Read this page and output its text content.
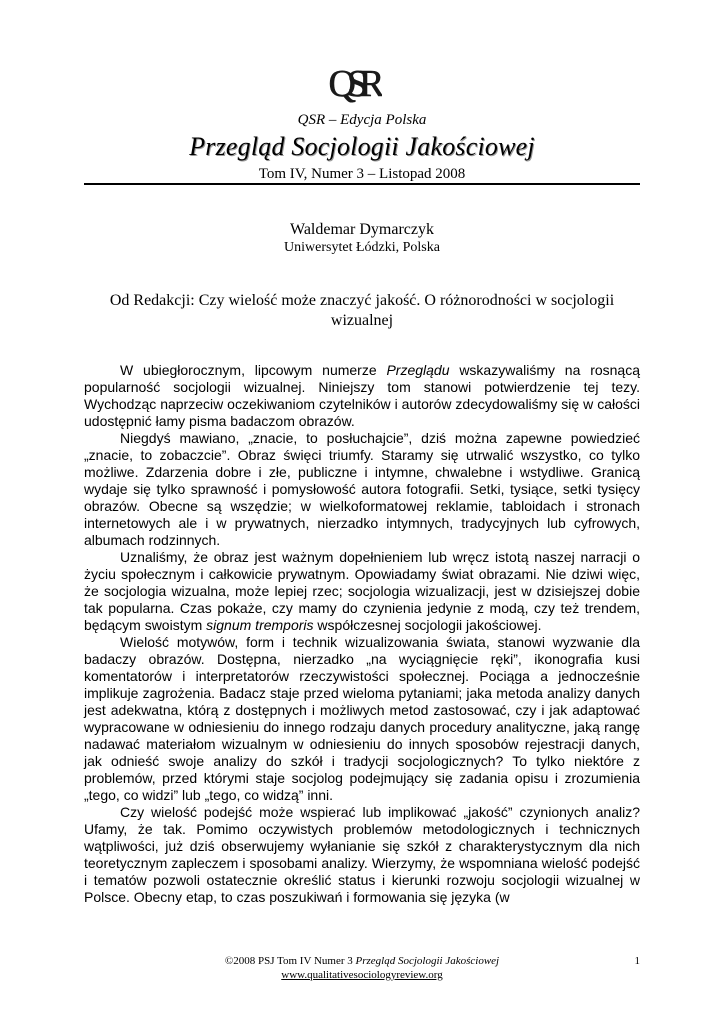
QSR
QSR – Edycja Polska
Przegląd Socjologii Jakościowej
Tom IV, Numer 3 – Listopad 2008
Waldemar Dymarczyk
Uniwersytet Łódzki, Polska
Od Redakcji: Czy wielość może znaczyć jakość. O różnorodności w socjologii wizualnej

W ubiegłorocznym, lipcowym numerze Przeglądu wskazywaliśmy na rosnącą popularność socjologii wizualnej. Niniejszy tom stanowi potwierdzenie tej tezy. Wychodząc naprzeciw oczekiwaniom czytelników i autorów zdecydowaliśmy się w całości udostępnić łamy pisma badaczom obrazów.

Niegdyś mawiano, „znacie, to posłuchajcie”, dziś można zapewne powiedzieć „znacie, to zobaczcie”. Obraz święci triumfy. Staramy się utrwalić wszystko, co tylko możliwe. Zdarzenia dobre i złe, publiczne i intymne, chwalebne i wstydliwe. Granicą wydaje się tylko sprawność i pomysłowość autora fotografii. Setki, tysiące, setki tysięcy obrazów. Obecne są wszędzie; w wielkoformatowej reklamie, tabloidach i stronach internetowych ale i w prywatnych, nierzadko intymnych, tradycyjnych lub cyfrowych, albumach rodzinnych.

Uznaliśmy, że obraz jest ważnym dopełnieniem lub wręcz istotą naszej narracji o życiu społecznym i całkowicie prywatnym. Opowiadamy świat obrazami. Nie dziwi więc, że socjologia wizualna, może lepiej rzec; socjologia wizualizacji, jest w dzisiejszej dobie tak popularna. Czas pokaże, czy mamy do czynienia jedynie z modą, czy też trendem, będącym swoistym signum tremporis współczesnej socjologii jakościowej.

Wielość motywów, form i technik wizualizowania świata, stanowi wyzwanie dla badaczy obrazów. Dostępna, nierzadko „na wyciągnięcie ręki”, ikonografia kusi komentatorów i interpretatorów rzeczywistości społecznej. Pociąga a jednocześnie implikuje zagrożenia. Badacz staje przed wieloma pytaniami; jaka metoda analizy danych jest adekwatna, którą z dostępnych i możliwych metod zastosować, czy i jak adaptować wypracowane w odniesieniu do innego rodzaju danych procedury analityczne, jaką rangę nadawać materiałom wizualnym w odniesieniu do innych sposobów rejestracji danych, jak odnieść swoje analizy do szkół i tradycji socjologicznych? To tylko niektóre z problemów, przed którymi staje socjolog podejmujący się zadania opisu i zrozumienia „tego, co widzi” lub „tego, co widzą” inni.

Czy wielość podejść może wspierać lub implikować „jakość” czynionych analiz? Ufamy, że tak. Pomimo oczywistych problemów metodologicznych i technicznych wątpliwości, już dziś obserwujemy wyłanianie się szkół z charakterystycznym dla nich teoretycznym zapleczem i sposobami analizy. Wierzymy, że wspomniana wielość podejść i tematów pozwoli ostatecznie określić status i kierunki rozwoju socjologii wizualnej w Polsce. Obecny etap, to czas poszukiwań i formowania się języka (w

©2008 PSJ Tom IV Numer 3 Przegląd Socjologii Jakościowej
www.qualitativesociologyreview.org
1
